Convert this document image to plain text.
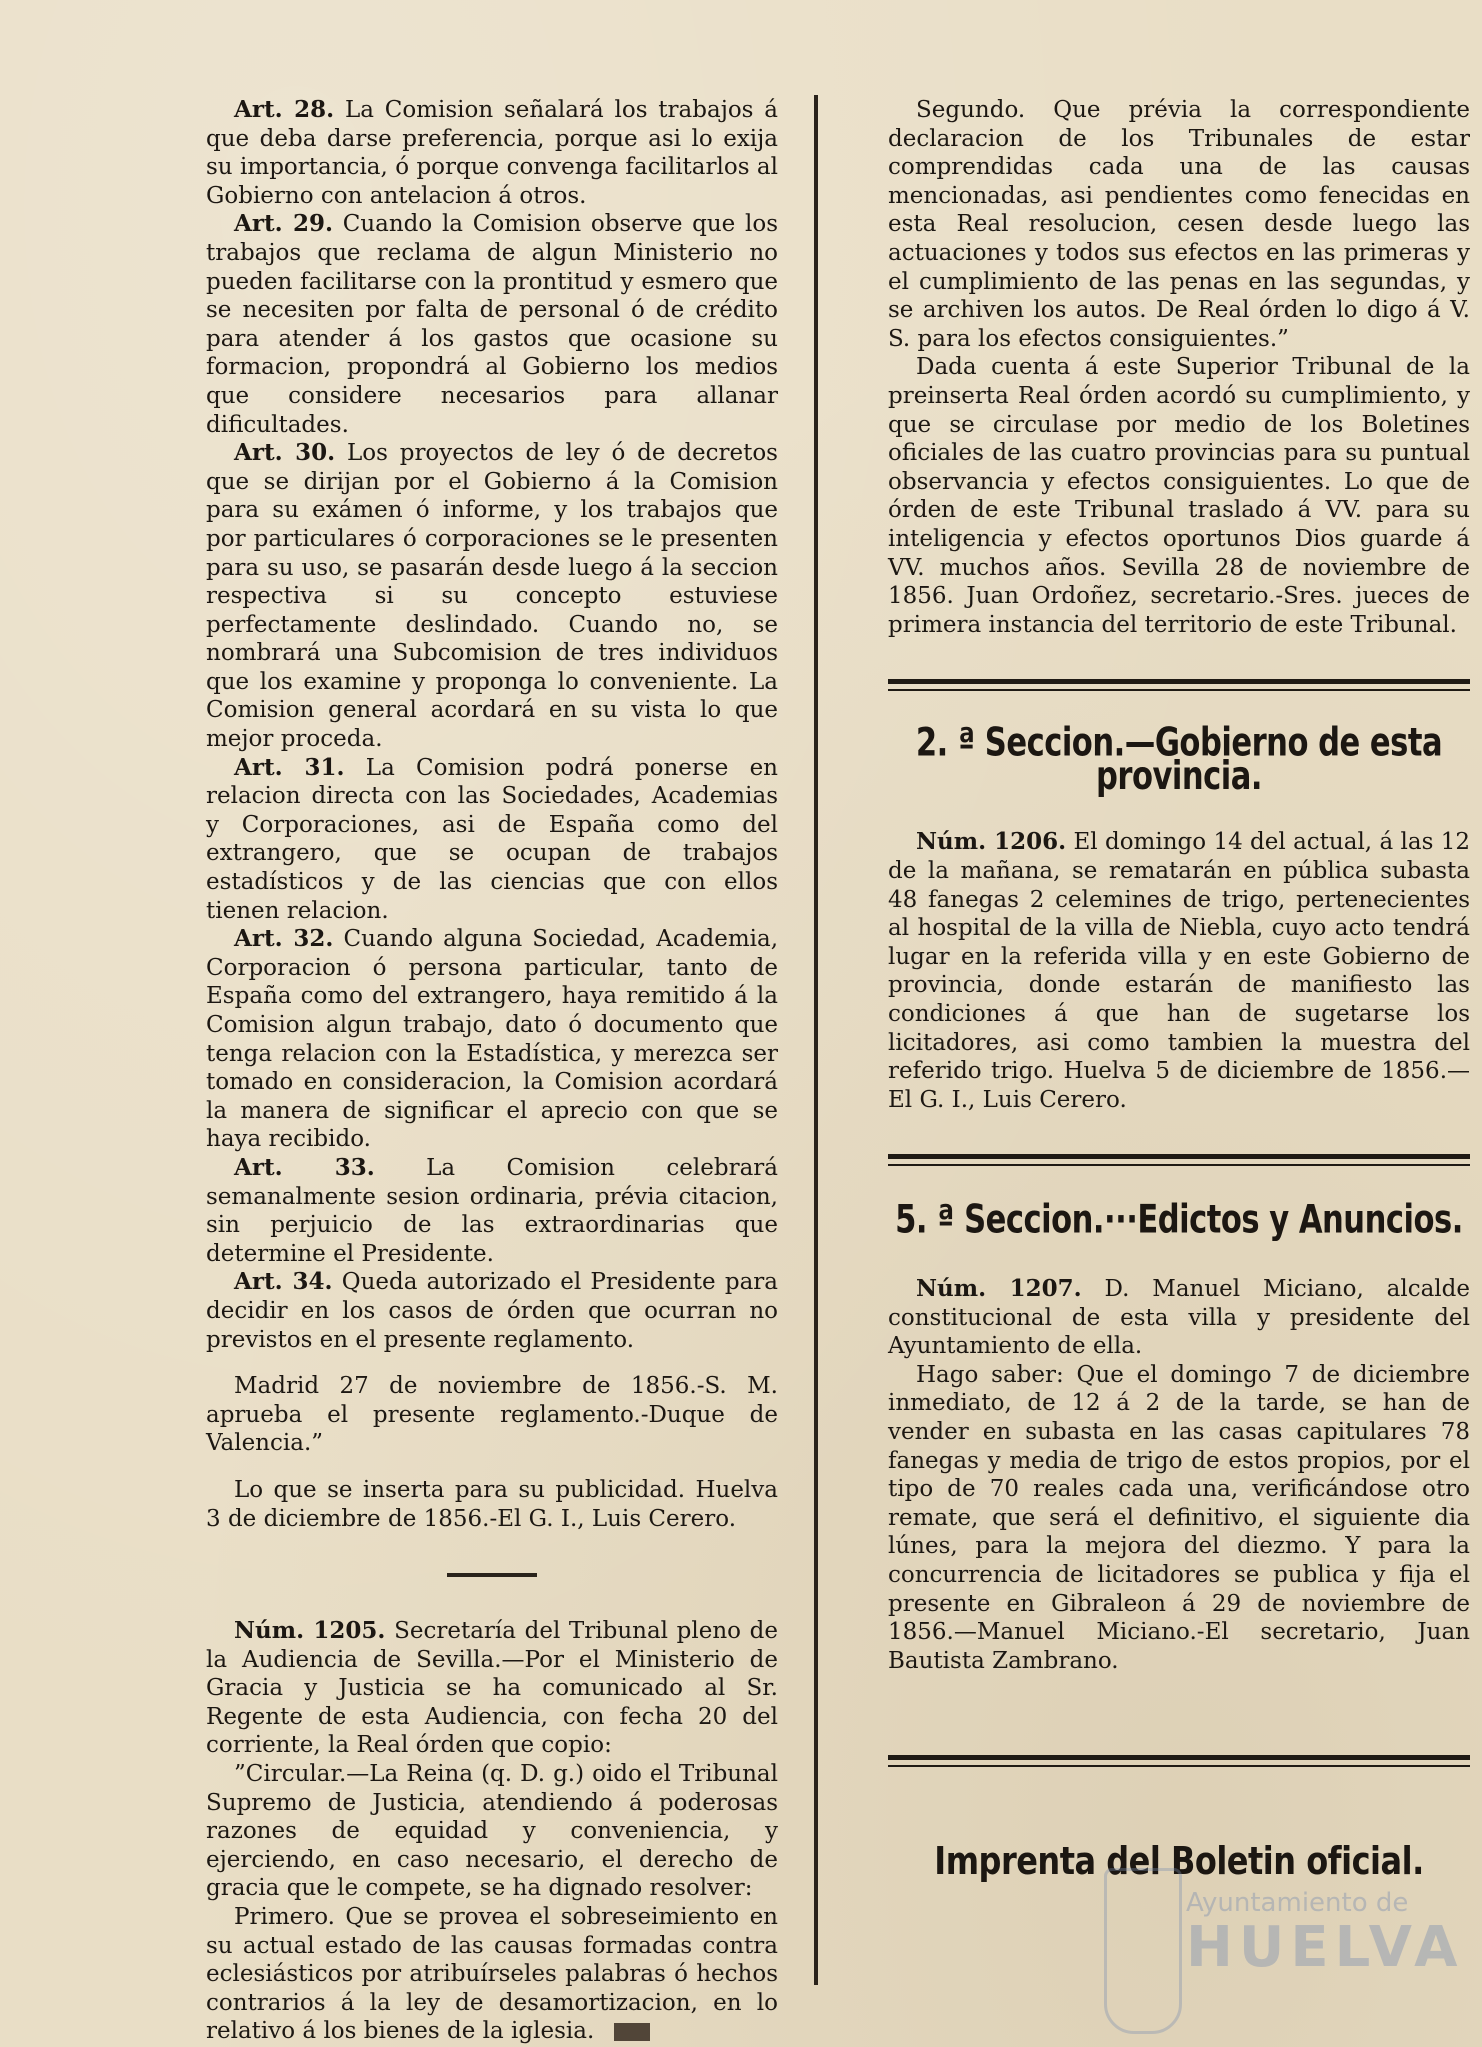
Art. 28. La Comision señalará los trabajos á que deba darse preferencia, porque asi lo exija su importancia, ó porque convenga facilitarlos al Gobierno con antelacion á otros.

Art. 29. Cuando la Comision observe que los trabajos que reclama de algun Ministerio no pueden facilitarse con la prontitud y esmero que se necesiten por falta de personal ó de crédito para atender á los gastos que ocasione su formacion, propondrá al Gobierno los medios que considere necesarios para allanar dificultades.

Art. 30. Los proyectos de ley ó de decretos que se dirijan por el Gobierno á la Comision para su exámen ó informe, y los trabajos que por particulares ó corporaciones se le presenten para su uso, se pasarán desde luego á la seccion respectiva si su concepto estuviese perfectamente deslindado. Cuando no, se nombrará una Subcomision de tres individuos que los examine y proponga lo conveniente. La Comision general acordará en su vista lo que mejor proceda.

Art. 31. La Comision podrá ponerse en relacion directa con las Sociedades, Academias y Corporaciones, asi de España como del extrangero, que se ocupan de trabajos estadísticos y de las ciencias que con ellos tienen relacion.

Art. 32. Cuando alguna Sociedad, Academia, Corporacion ó persona particular, tanto de España como del extrangero, haya remitido á la Comision algun trabajo, dato ó documento que tenga relacion con la Estadística, y merezca ser tomado en consideracion, la Comision acordará la manera de significar el aprecio con que se haya recibido.

Art. 33. La Comision celebrará semanalmente sesion ordinaria, prévia citacion, sin perjuicio de las extraordinarias que determine el Presidente.

Art. 34. Queda autorizado el Presidente para decidir en los casos de órden que ocurran no previstos en el presente reglamento.

Madrid 27 de noviembre de 1856.-S. M. aprueba el presente reglamento.-Duque de Valencia.”

Lo que se inserta para su publicidad. Huelva 3 de diciembre de 1856.-El G. I., Luis Cerero.

Núm. 1205. Secretaría del Tribunal pleno de la Audiencia de Sevilla.—Por el Ministerio de Gracia y Justicia se ha comunicado al Sr. Regente de esta Audiencia, con fecha 20 del corriente, la Real órden que copio:

”Circular.—La Reina (q. D. g.) oido el Tribunal Supremo de Justicia, atendiendo á poderosas razones de equidad y conveniencia, y ejerciendo, en caso necesario, el derecho de gracia que le compete, se ha dignado resolver:

Primero. Que se provea el sobreseimiento en su actual estado de las causas formadas contra eclesiásticos por atribuírseles palabras ó hechos contrarios á la ley de desamortizacion, en lo relativo á los bienes de la iglesia.

Segundo. Que prévia la correspondiente declaracion de los Tribunales de estar comprendidas cada una de las causas mencionadas, asi pendientes como fenecidas en esta Real resolucion, cesen desde luego las actuaciones y todos sus efectos en las primeras y el cumplimiento de las penas en las segundas, y se archiven los autos. De Real órden lo digo á V. S. para los efectos consiguientes.”

Dada cuenta á este Superior Tribunal de la preinserta Real órden acordó su cumplimiento, y que se circulase por medio de los Boletines oficiales de las cuatro provincias para su puntual observancia y efectos consiguientes. Lo que de órden de este Tribunal traslado á VV. para su inteligencia y efectos oportunos Dios guarde á VV. muchos años. Sevilla 28 de noviembre de 1856. Juan Ordoñez, secretario.-Sres. jueces de primera instancia del territorio de este Tribunal.

2. ª Seccion.—Gobierno de esta provincia.

Núm. 1206. El domingo 14 del actual, á las 12 de la mañana, se rematarán en pública subasta 48 fanegas 2 celemines de trigo, pertenecientes al hospital de la villa de Niebla, cuyo acto tendrá lugar en la referida villa y en este Gobierno de provincia, donde estarán de manifiesto las condiciones á que han de sugetarse los licitadores, asi como tambien la muestra del referido trigo. Huelva 5 de diciembre de 1856.—El G. I., Luis Cerero.

5. ª Seccion.···Edictos y Anuncios.

Núm. 1207. D. Manuel Miciano, alcalde constitucional de esta villa y presidente del Ayuntamiento de ella.

Hago saber: Que el domingo 7 de diciembre inmediato, de 12 á 2 de la tarde, se han de vender en subasta en las casas capitulares 78 fanegas y media de trigo de estos propios, por el tipo de 70 reales cada una, verificándose otro remate, que será el definitivo, el siguiente dia lúnes, para la mejora del diezmo. Y para la concurrencia de licitadores se publica y fija el presente en Gibraleon á 29 de noviembre de 1856.—Manuel Miciano.-El secretario, Juan Bautista Zambrano.

Imprenta del Boletin oficial.
Ayuntamiento de
HUELVA
